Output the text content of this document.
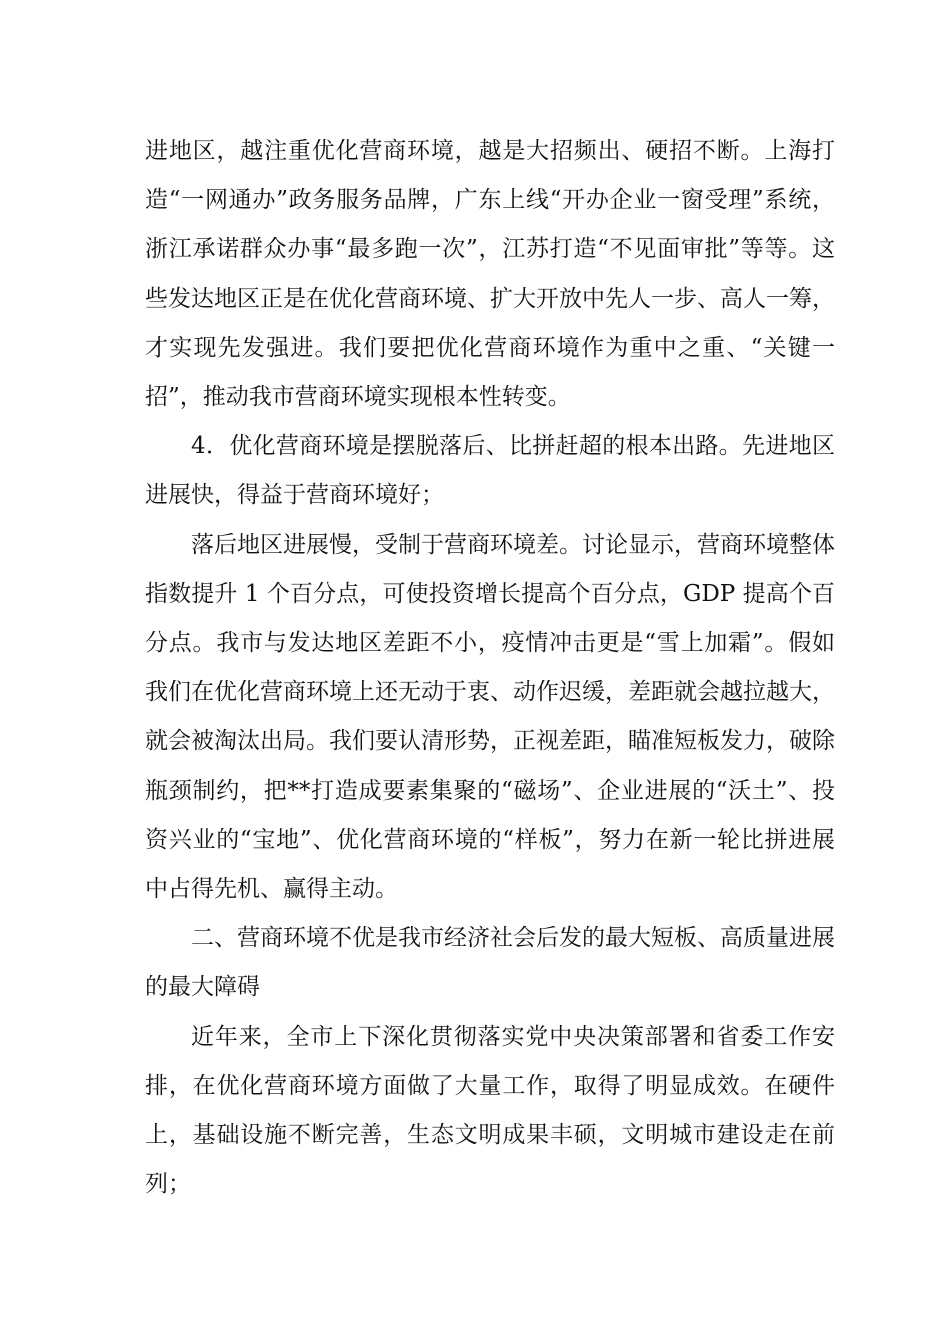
进地区，越注重优化营商环境，越是大招频出、硬招不断。上海打造“一网通办”政务服务品牌，广东上线“开办企业一窗受理”系统，浙江承诺群众办事“最多跑一次”，江苏打造“不见面审批”等等。这些发达地区正是在优化营商环境、扩大开放中先人一步、高人一筹，才实现先发强进。我们要把优化营商环境作为重中之重、“关键一招”，推动我市营商环境实现根本性转变。

4．优化营商环境是摆脱落后、比拼赶超的根本出路。先进地区进展快，得益于营商环境好；

落后地区进展慢，受制于营商环境差。讨论显示，营商环境整体指数提升 1 个百分点，可使投资增长提高个百分点，GDP 提高个百分点。我市与发达地区差距不小，疫情冲击更是“雪上加霜”。假如我们在优化营商环境上还无动于衷、动作迟缓，差距就会越拉越大，就会被淘汰出局。我们要认清形势，正视差距，瞄准短板发力，破除瓶颈制约，把**打造成要素集聚的“磁场”、企业进展的“沃土”、投资兴业的“宝地”、优化营商环境的“样板”，努力在新一轮比拼进展中占得先机、赢得主动。

二、营商环境不优是我市经济社会后发的最大短板、高质量进展的最大障碍

近年来，全市上下深化贯彻落实党中央决策部署和省委工作安排，在优化营商环境方面做了大量工作，取得了明显成效。在硬件上，基础设施不断完善，生态文明成果丰硕，文明城市建设走在前列；
